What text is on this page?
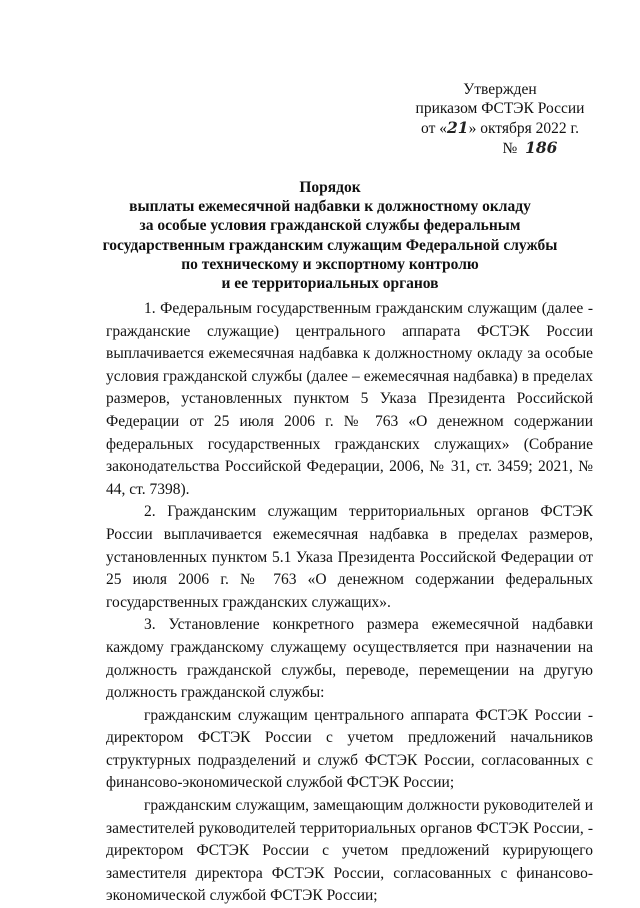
Утвержден
приказом ФСТЭК России
от «21» октября 2022 г.
№ 186
Порядок
выплаты ежемесячной надбавки к должностному окладу
за особые условия гражданской службы федеральным
государственным гражданским служащим Федеральной службы
по техническому и экспортному контролю
и ее территориальных органов

1. Федеральным государственным гражданским служащим (далее - гражданские служащие) центрального аппарата ФСТЭК России выплачивается ежемесячная надбавка к должностному окладу за особые условия гражданской службы (далее – ежемесячная надбавка) в пределах размеров, установленных пунктом 5 Указа Президента Российской Федерации от 25 июля 2006 г. № 763 «О денежном содержании федеральных государственных гражданских служащих» (Собрание законодательства Российской Федерации, 2006, № 31, ст. 3459; 2021, № 44, ст. 7398).

2. Гражданским служащим территориальных органов ФСТЭК России выплачивается ежемесячная надбавка в пределах размеров, установленных пунктом 5.1 Указа Президента Российской Федерации от 25 июля 2006 г. № 763 «О денежном содержании федеральных государственных гражданских служащих».

3. Установление конкретного размера ежемесячной надбавки каждому гражданскому служащему осуществляется при назначении на должность гражданской службы, переводе, перемещении на другую должность гражданской службы:

гражданским служащим центрального аппарата ФСТЭК России - директором ФСТЭК России с учетом предложений начальников структурных подразделений и служб ФСТЭК России, согласованных с финансово-экономической службой ФСТЭК России;

гражданским служащим, замещающим должности руководителей и заместителей руководителей территориальных органов ФСТЭК России, - директором ФСТЭК России с учетом предложений курирующего заместителя директора ФСТЭК России, согласованных с финансово-экономической службой ФСТЭК России;
